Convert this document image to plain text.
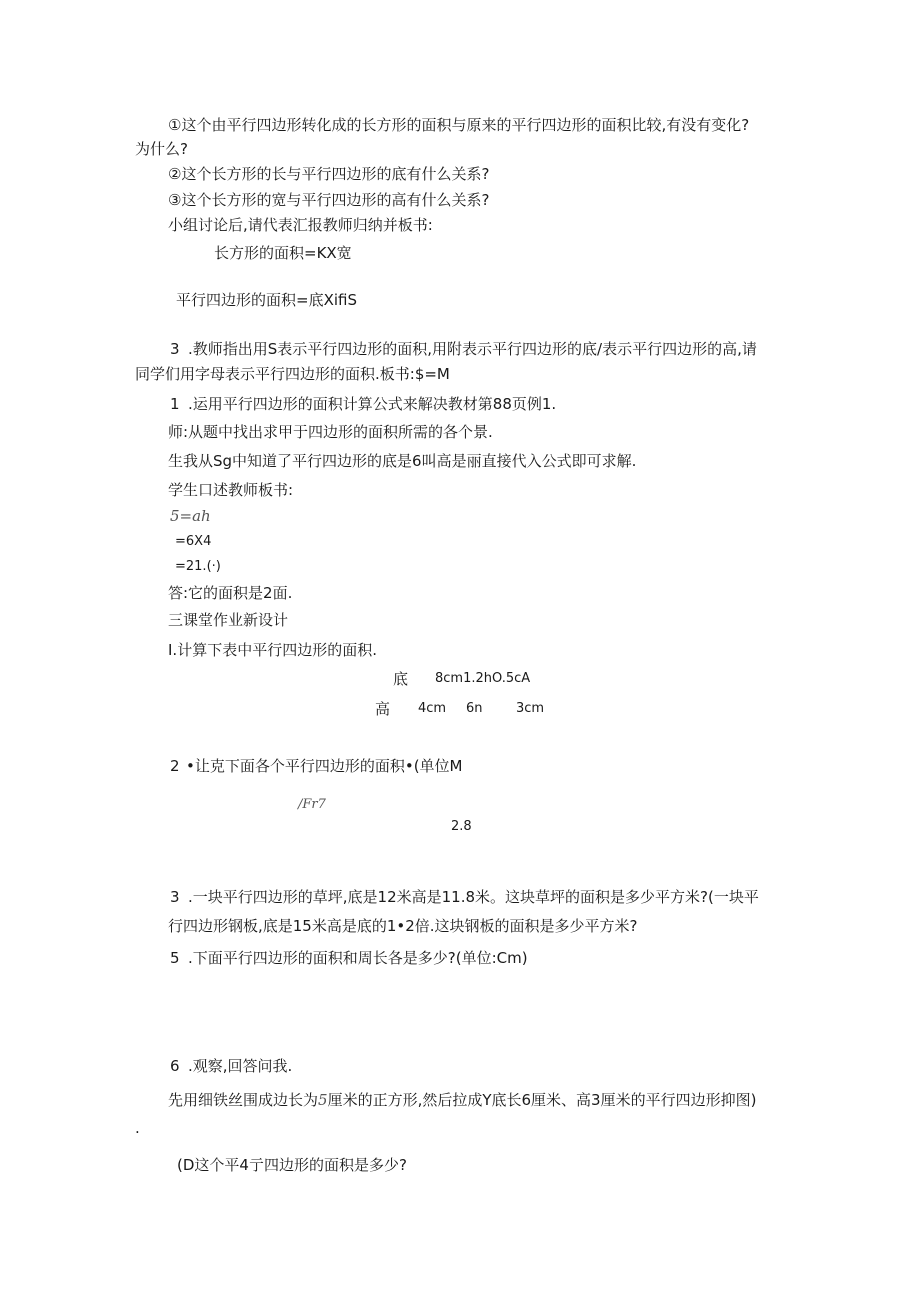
①这个由平行四边形转化成的长方形的面积与原来的平行四边形的面积比较,有没有变化?
为什么?
②这个长方形的长与平行四边形的底有什么关系?
③这个长方形的宽与平行四边形的高有什么关系?
小组讨论后,请代表汇报教师归纳并板书:
长方形的面积=KX宽
平行四边形的面积=底XifiS
3 .教师指出用S表示平行四边形的面积,用附表示平行四边形的底/表示平行四边形的高,请
同学们用字母表示平行四边形的面积.板书:$=M
1 .运用平行四边形的面积计算公式来解决教材第88页例1.
师:从题中找出求甲于四边形的面积所需的各个景.
生我从Sg中知道了平行四边形的底是6叫高是丽直接代入公式即可求解.
学生口述教师板书:
5=ah
=6X4
=21.(·)
答:它的面积是2面.
三课堂作业新设计
I.计算下表中平行四边形的面积.
底 8cm1.2hO.5cA
高 4cm 6n	3cm
2 •让克下面各个平行四边形的面积•(单位M
/Fr7
2.8
3 .一块平行四边形的草坪,底是12米高是11.8米。这块草坪的面积是多少平方米?(一块平
行四边形钢板,底是15米高是底的1•2倍.这块钢板的面积是多少平方米?
5 .下面平行四边形的面积和周长各是多少?(单位:Cm)
6 .观察,回答问我.
先用细铁丝围成边长为5厘米的正方形,然后拉成Y底长6厘米、高3厘米的平行四边形抑图)
.
(D这个平4亍四边形的面积是多少?
